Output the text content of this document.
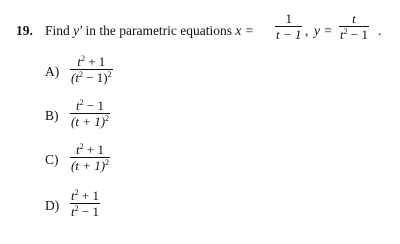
19. Find y′ in the parametric equations x =
1
t − 1 , y =
t
$t^2 - 1$ .
A)
$t^2 + 1$
$(t^2 - 1)^2$
B)
$t^2 - 1$
$(t + 1)^2$
C)
$t^2 + 1$
$(t + 1)^2$
D)
$t^2 + 1$
$t^2 - 1$
